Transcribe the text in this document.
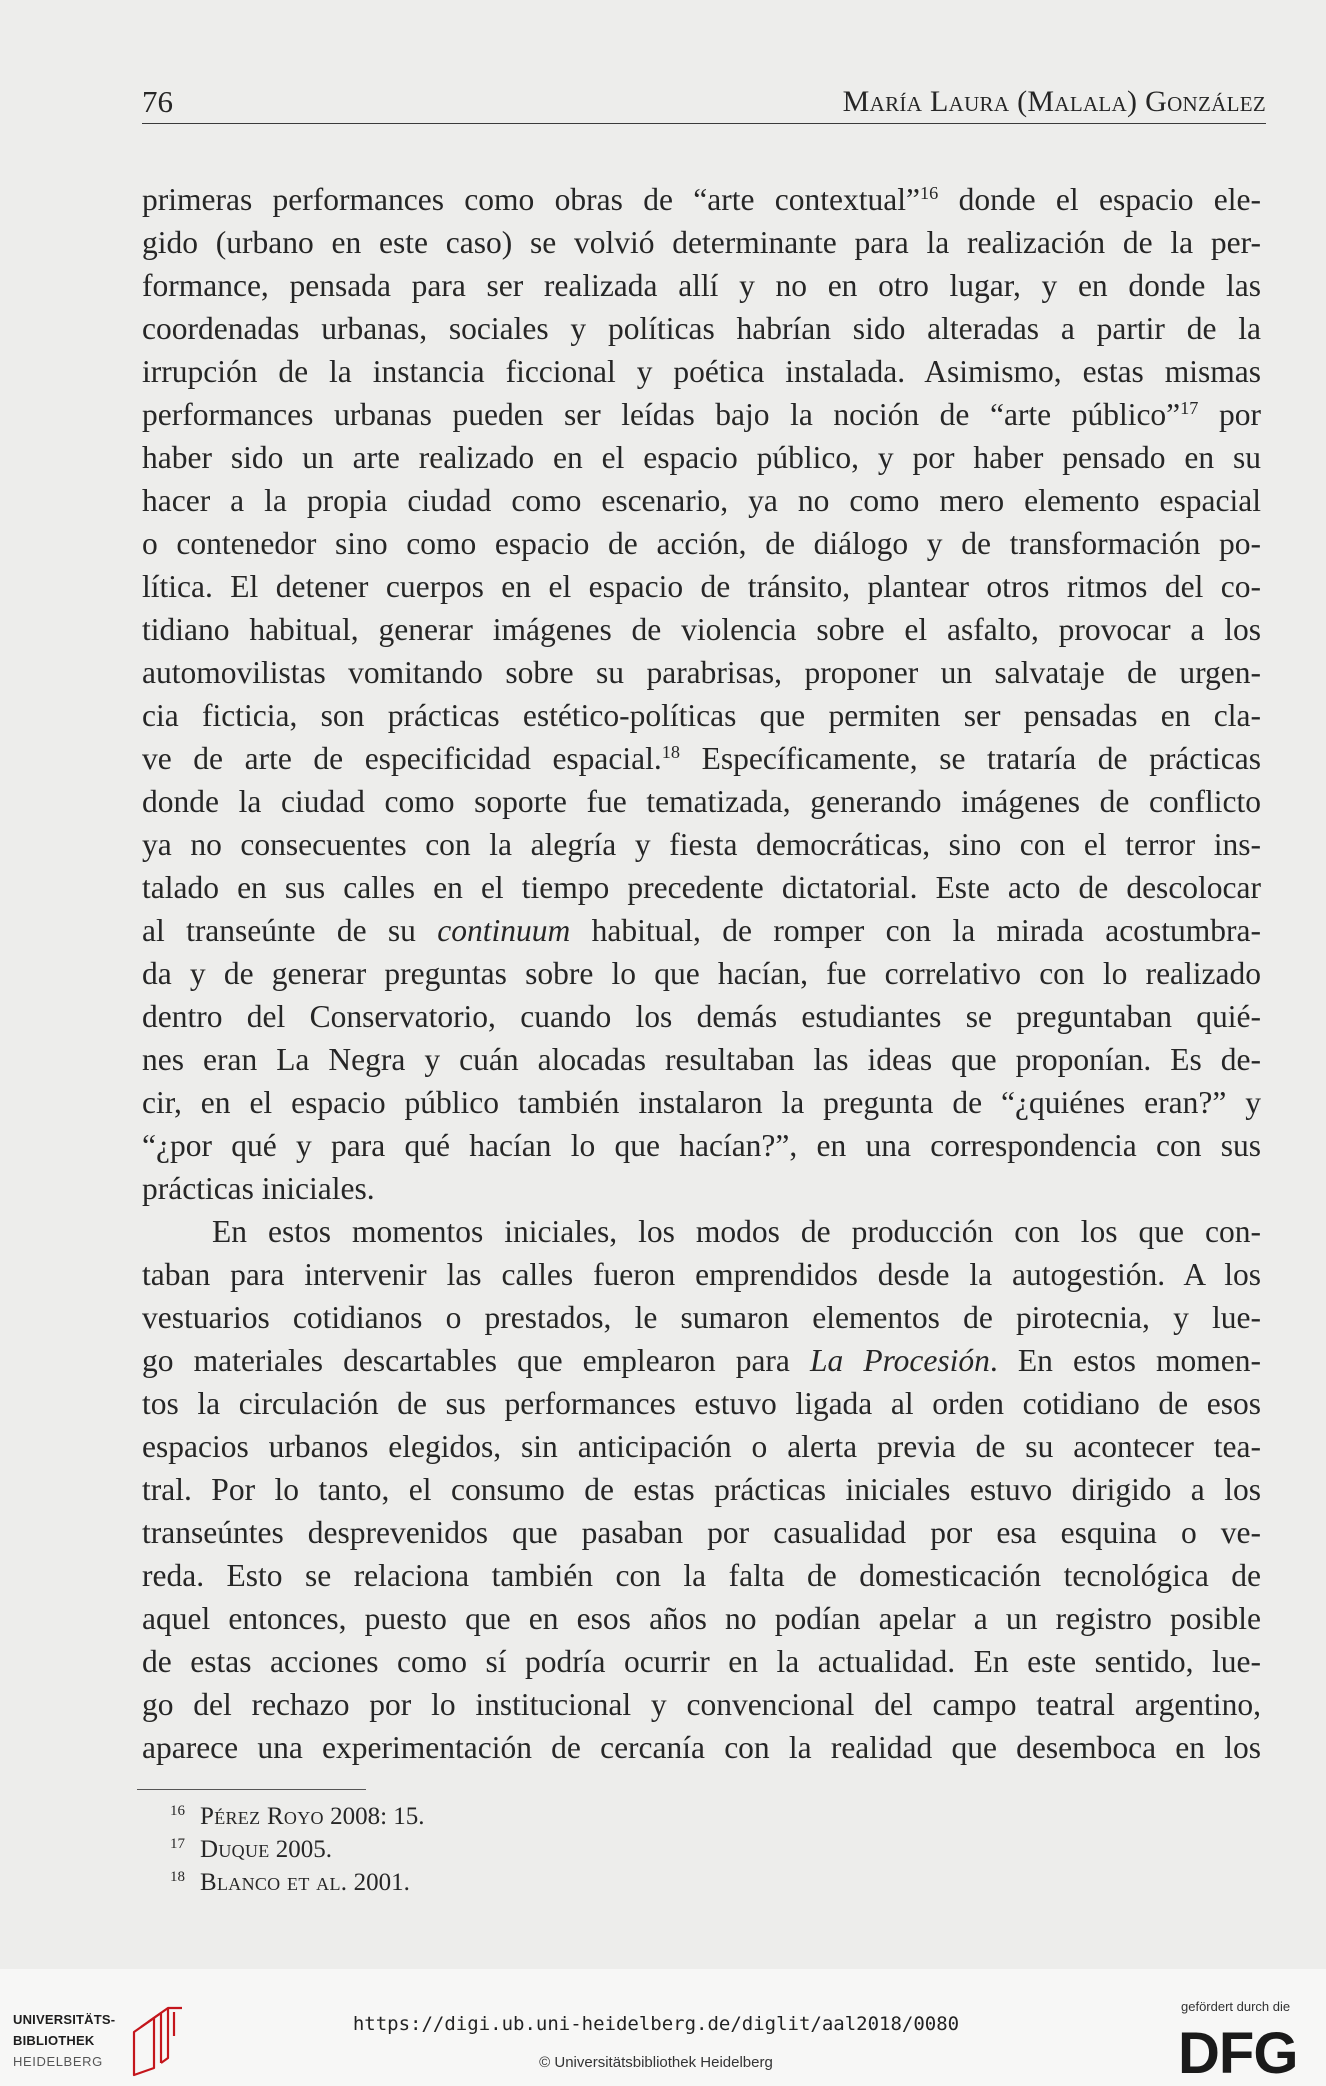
76	María Laura (Malala) González
primeras performances como obras de “arte contextual”$^{16}$ donde el espacio ele-
gido (urbano en este caso) se volvió determinante para la realización de la per-
formance, pensada para ser realizada allí y no en otro lugar, y en donde las
coordenadas urbanas, sociales y políticas habrían sido alteradas a partir de la
irrupción de la instancia ficcional y poética instalada. Asimismo, estas mismas
performances urbanas pueden ser leídas bajo la noción de “arte público”$^{17}$ por
haber sido un arte realizado en el espacio público, y por haber pensado en su
hacer a la propia ciudad como escenario, ya no como mero elemento espacial
o contenedor sino como espacio de acción, de diálogo y de transformación po-
lítica. El detener cuerpos en el espacio de tránsito, plantear otros ritmos del co-
tidiano habitual, generar imágenes de violencia sobre el asfalto, provocar a los
automovilistas vomitando sobre su parabrisas, proponer un salvataje de urgen-
cia ficticia, son prácticas estético-políticas que permiten ser pensadas en cla-
ve de arte de especificidad espacial.$^{18}$ Específicamente, se trataría de prácticas
donde la ciudad como soporte fue tematizada, generando imágenes de conflicto
ya no consecuentes con la alegría y fiesta democráticas, sino con el terror ins-
talado en sus calles en el tiempo precedente dictatorial. Este acto de descolocar
al transeúnte de su continuum habitual, de romper con la mirada acostumbra-
da y de generar preguntas sobre lo que hacían, fue correlativo con lo realizado
dentro del Conservatorio, cuando los demás estudiantes se preguntaban quié-
nes eran La Negra y cuán alocadas resultaban las ideas que proponían. Es de-
cir, en el espacio público también instalaron la pregunta de “¿quiénes eran?” y
“¿por qué y para qué hacían lo que hacían?”, en una correspondencia con sus
prácticas iniciales.
En estos momentos iniciales, los modos de producción con los que con-
taban para intervenir las calles fueron emprendidos desde la autogestión. A los
vestuarios cotidianos o prestados, le sumaron elementos de pirotecnia, y lue-
go materiales descartables que emplearon para La Procesión. En estos momen-
tos la circulación de sus performances estuvo ligada al orden cotidiano de esos
espacios urbanos elegidos, sin anticipación o alerta previa de su acontecer tea-
tral. Por lo tanto, el consumo de estas prácticas iniciales estuvo dirigido a los
transeúntes desprevenidos que pasaban por casualidad por esa esquina o ve-
reda. Esto se relaciona también con la falta de domesticación tecnológica de
aquel entonces, puesto que en esos años no podían apelar a un registro posible
de estas acciones como sí podría ocurrir en la actualidad. En este sentido, lue-
go del rechazo por lo institucional y convencional del campo teatral argentino,
aparece una experimentación de cercanía con la realidad que desemboca en los
16 Pérez Royo 2008: 15.
17 Duque 2005.
18 Blanco et al. 2001.
UNIVERSITÄTS-
BIBLIOTHEK
HEIDELBERG
https://digi.ub.uni-heidelberg.de/diglit/aal2018/0080
© Universitätsbibliothek Heidelberg
gefördert durch die
DFG
